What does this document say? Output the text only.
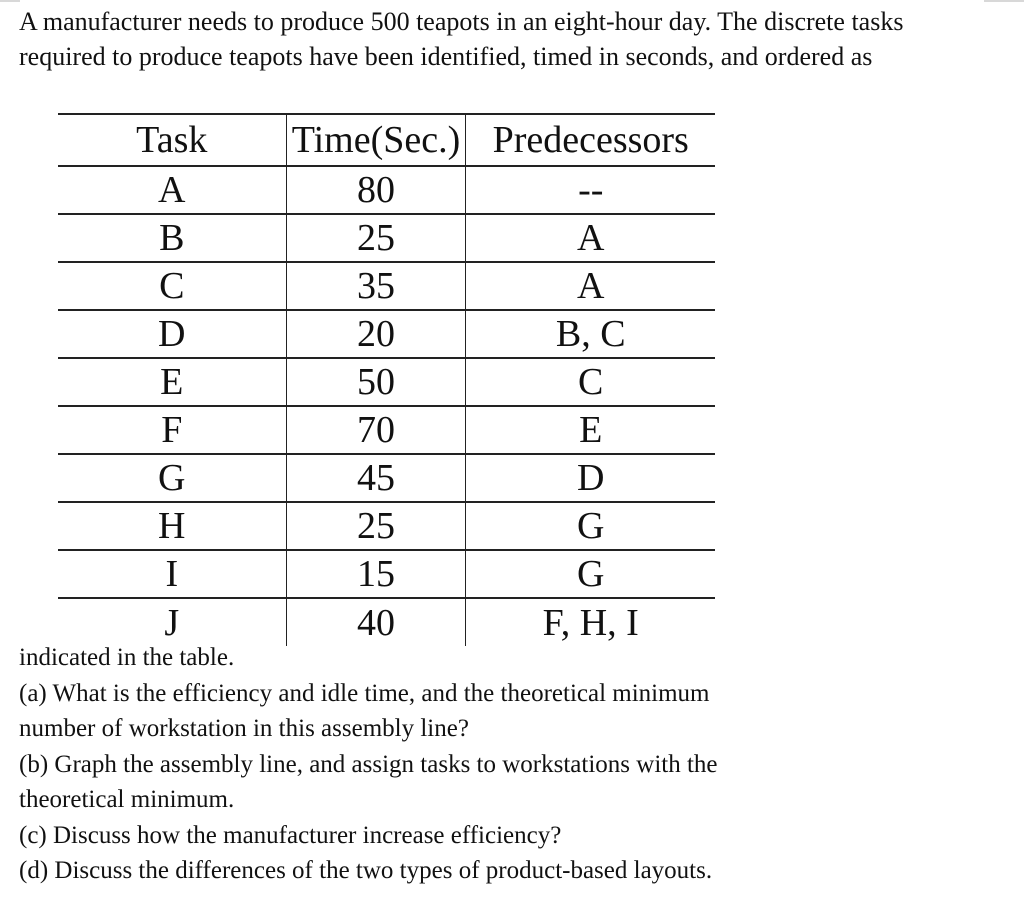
A manufacturer needs to produce 500 teapots in an eight-hour day. The discrete tasks
required to produce teapots have been identified, timed in seconds, and ordered as

Task	Time(Sec.)	Predecessors
A	80	--
B	25	A
C	35	A
D	20	B, C
E	50	C
F	70	E
G	45	D
H	25	G
I	15	G
J	40	F, H, I

indicated in the table.
(a) What is the efficiency and idle time, and the theoretical minimum
number of workstation in this assembly line?
(b) Graph the assembly line, and assign tasks to workstations with the
theoretical minimum.
(c) Discuss how the manufacturer increase efficiency?
(d) Discuss the differences of the two types of product-based layouts.
